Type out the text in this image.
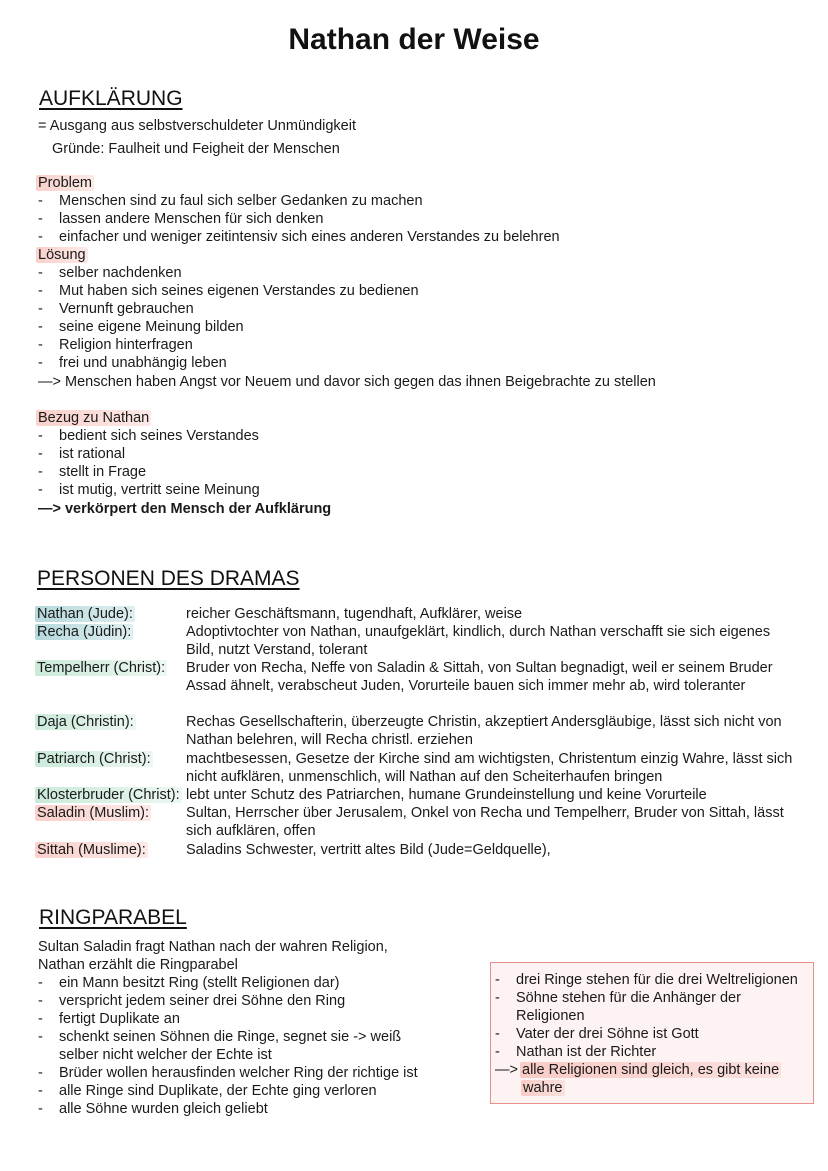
Nathan der Weise
AUFKLÄRUNG
= Ausgang aus selbstverschuldeter Unmündigkeit
Gründe: Faulheit und Feigheit der Menschen
Problem
- Menschen sind zu faul sich selber Gedanken zu machen
- lassen andere Menschen für sich denken
- einfacher und weniger zeitintensiv sich eines anderen Verstandes zu belehren
Lösung
- selber nachdenken
- Mut haben sich seines eigenen Verstandes zu bedienen
- Vernunft gebrauchen
- seine eigene Meinung bilden
- Religion hinterfragen
- frei und unabhängig leben
—> Menschen haben Angst vor Neuem und davor sich gegen das ihnen Beigebrachte zu stellen
Bezug zu Nathan
- bedient sich seines Verstandes
- ist rational
- stellt in Frage
- ist mutig, vertritt seine Meinung
—> verkörpert den Mensch der Aufklärung
PERSONEN DES DRAMAS
Nathan (Jude):	reicher Geschäftsmann, tugendhaft, Aufklärer, weise
Recha (Jüdin):	Adoptivtochter von Nathan, unaufgeklärt, kindlich, durch Nathan verschafft sie sich eigenes Bild, nutzt Verstand, tolerant
Tempelherr (Christ): Bruder von Recha, Neffe von Saladin & Sittah, von Sultan begnadigt, weil er seinem Bruder Assad ähnelt, verabscheut Juden, Vorurteile bauen sich immer mehr ab, wird toleranter
Daja (Christin):	Rechas Gesellschafterin, überzeugte Christin, akzeptiert Andersgläubige, lässt sich nicht von Nathan belehren, will Recha christl. erziehen
Patriarch (Christ): machtbesessen, Gesetze der Kirche sind am wichtigsten, Christentum einzig Wahre, lässt sich nicht aufklären, unmenschlich, will Nathan auf den Scheiterhaufen bringen
Klosterbruder (Christ): lebt unter Schutz des Patriarchen, humane Grundeinstellung und keine Vorurteile
Saladin (Muslim):	Sultan, Herrscher über Jerusalem, Onkel von Recha und Tempelherr, Bruder von Sittah, lässt sich aufklären, offen
Sittah (Muslime):	Saladins Schwester, vertritt altes Bild (Jude=Geldquelle),
RINGPARABEL
Sultan Saladin fragt Nathan nach der wahren Religion,
Nathan erzählt die Ringparabel
- ein Mann besitzt Ring (stellt Religionen dar)
- verspricht jedem seiner drei Söhne den Ring
- fertigt Duplikate an
- schenkt seinen Söhnen die Ringe, segnet sie -> weiß
selber nicht welcher der Echte ist
- Brüder wollen herausfinden welcher Ring der richtige ist
- alle Ringe sind Duplikate, der Echte ging verloren
- alle Söhne wurden gleich geliebt
- drei Ringe stehen für die drei Weltreligionen
- Söhne stehen für die Anhänger der
Religionen
- Vater der drei Söhne ist Gott
- Nathan ist der Richter
—> alle Religionen sind gleich, es gibt keine
wahre
